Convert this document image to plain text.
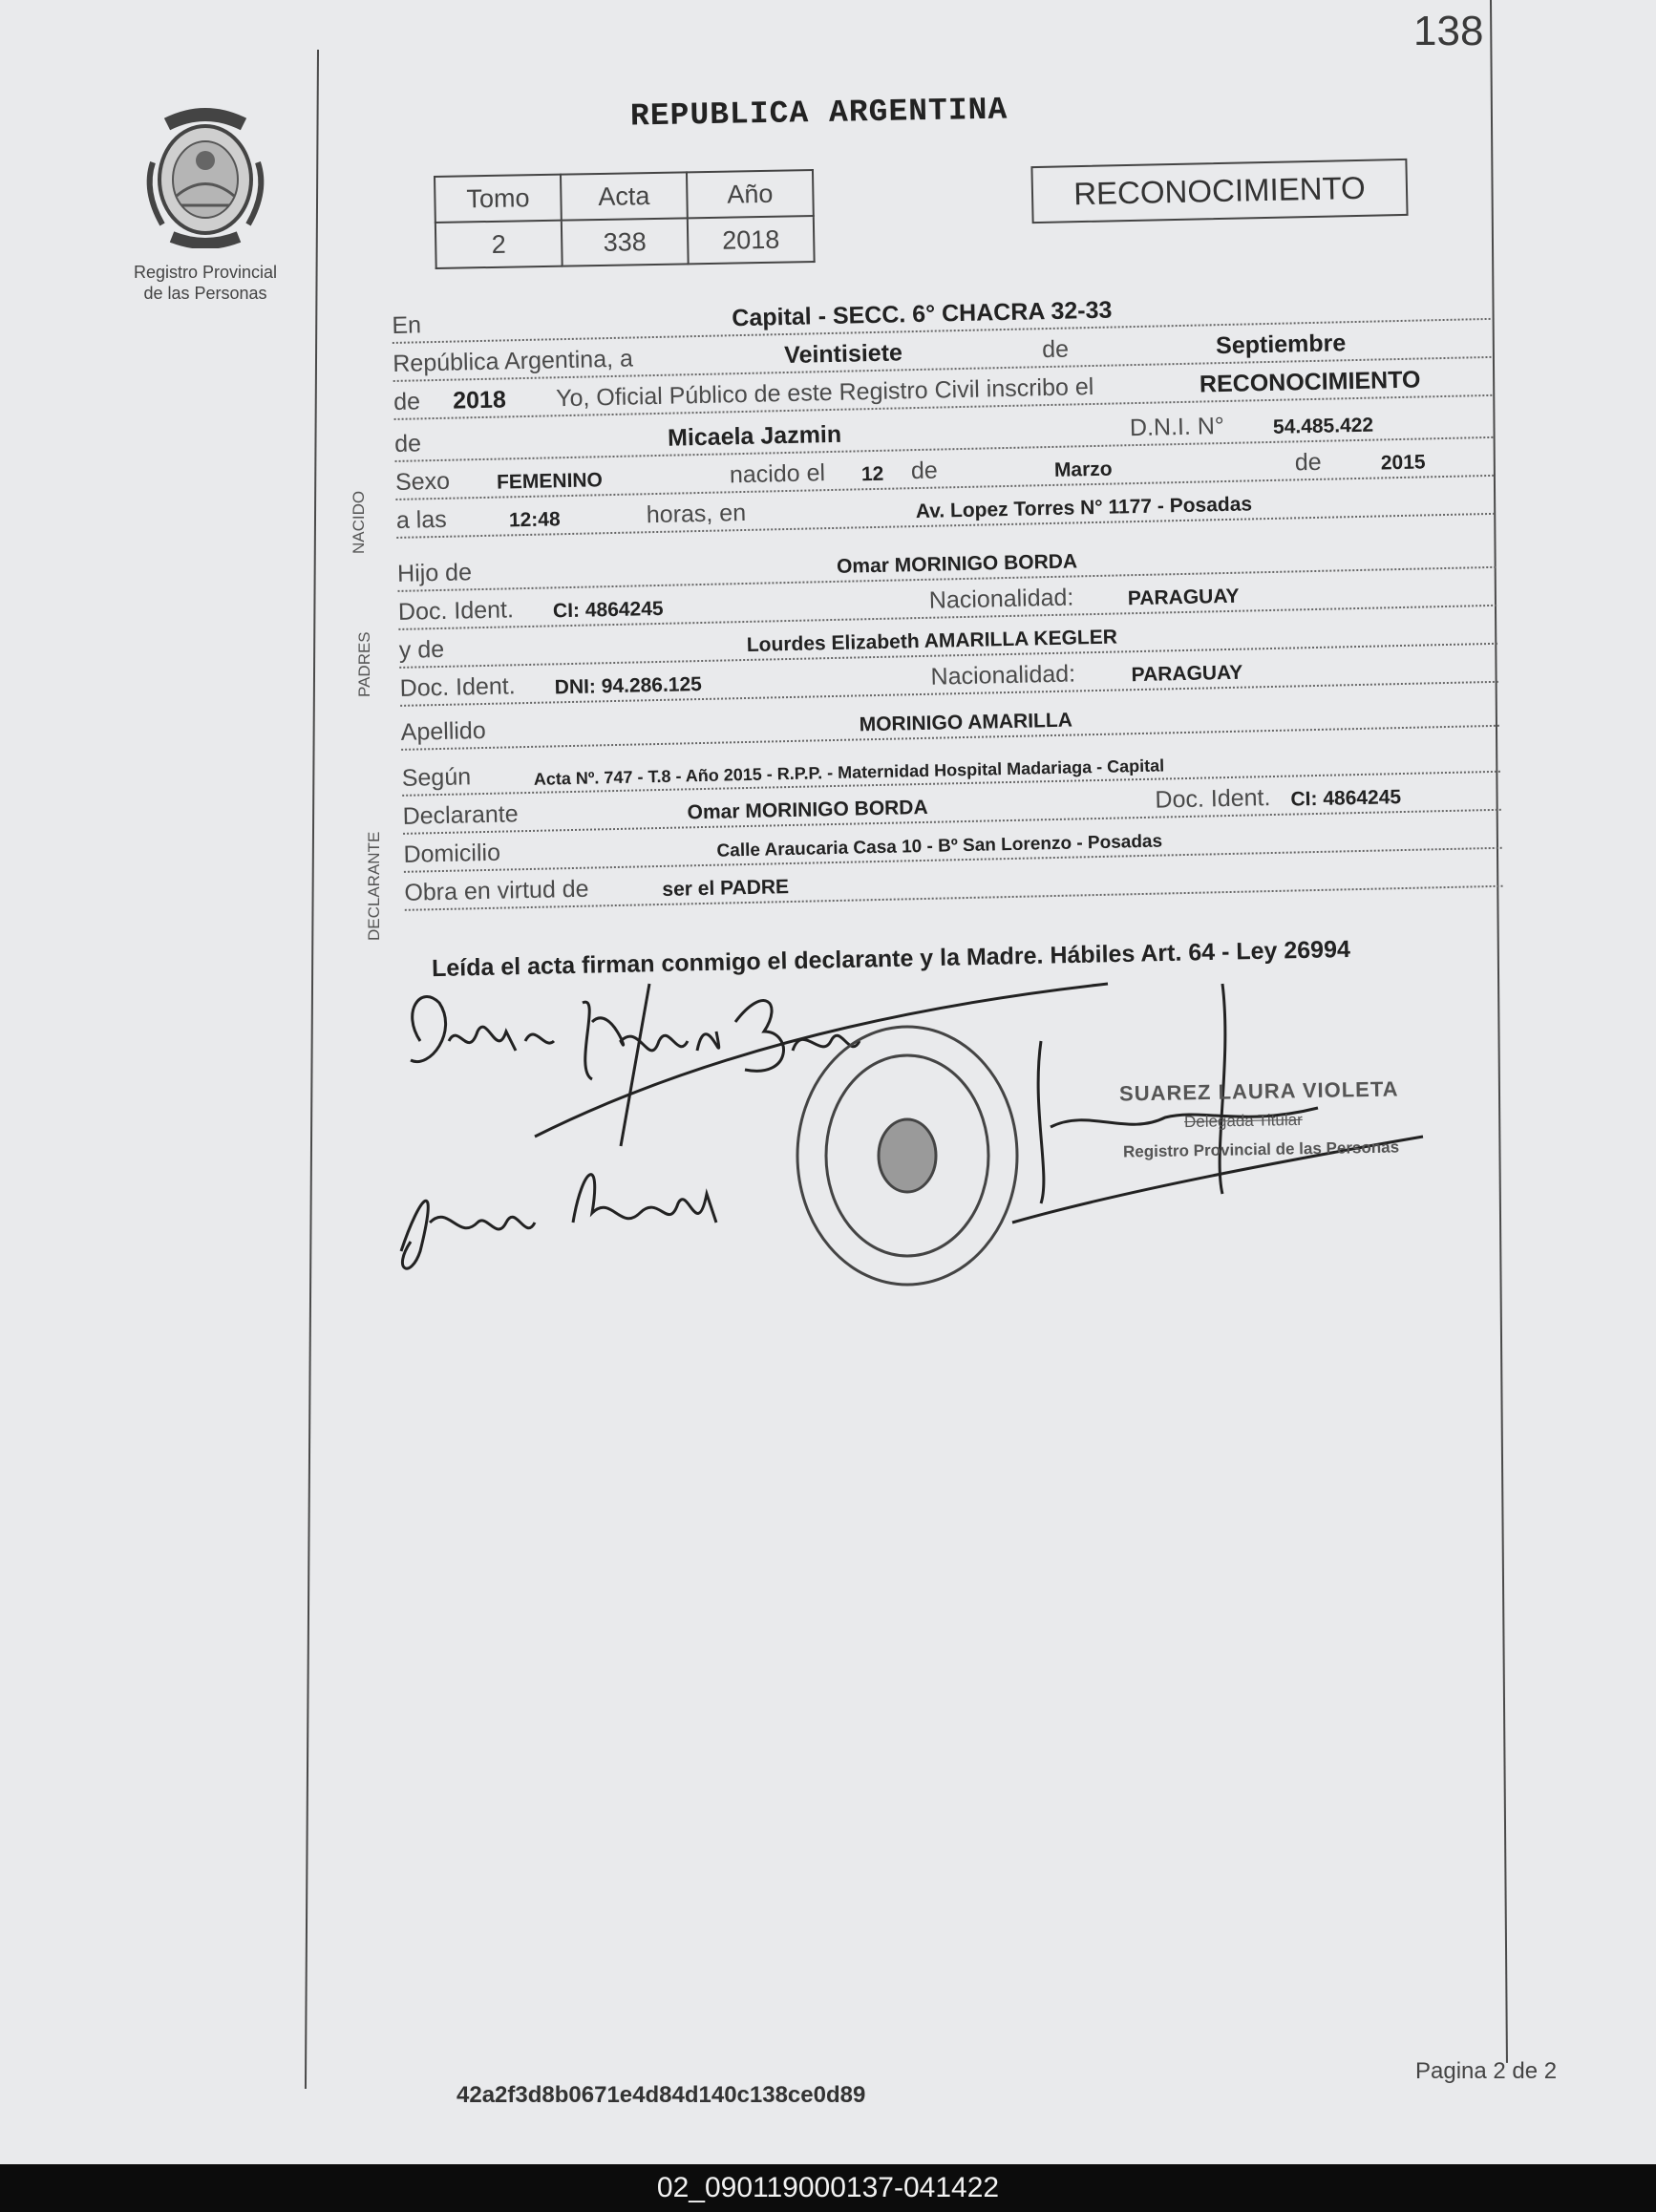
138
Registro Provincial
de las Personas
REPUBLICA ARGENTINA
Tomo	Acta	Año
2	338	2018
RECONOCIMIENTO
En	Capital - SECC. 6° CHACRA 32-33
República Argentina, a	Veintisiete	de	Septiembre
de 2018 Yo, Oficial Público de este Registro Civil inscribo el	RECONOCIMIENTO
de	Micaela Jazmin	D.N.I. N° 54.485.422
Sexo FEMENINO	nacido el 12 de	Marzo	de	2015
a las	12:48	horas, en	Av. Lopez Torres N° 1177 - Posadas
Hijo de	Omar MORINIGO BORDA
Doc. Ident. CI: 4864245	Nacionalidad:	PARAGUAY
y de	Lourdes Elizabeth AMARILLA KEGLER
Doc. Ident. DNI: 94.286.125	Nacionalidad:	PARAGUAY
Apellido	MORINIGO AMARILLA
Según	Acta Nº. 747 - T.8 - Año 2015 - R.P.P. - Maternidad Hospital Madariaga - Capital
Declarante	Omar MORINIGO BORDA	Doc. Ident. CI: 4864245
Domicilio	Calle Araucaria Casa 10 - Bº San Lorenzo - Posadas
Obra en virtud de	ser el PADRE
NACIDO
PADRES
DECLARANTE
Leída el acta firman conmigo el declarante y la Madre. Hábiles Art. 64 - Ley 26994
SUAREZ LAURA VIOLETA
Delegada Titular
Registro Provincial de las Personas
42a2f3d8b0671e4d84d140c138ce0d89
Pagina 2 de 2
02_090119000137-041422
